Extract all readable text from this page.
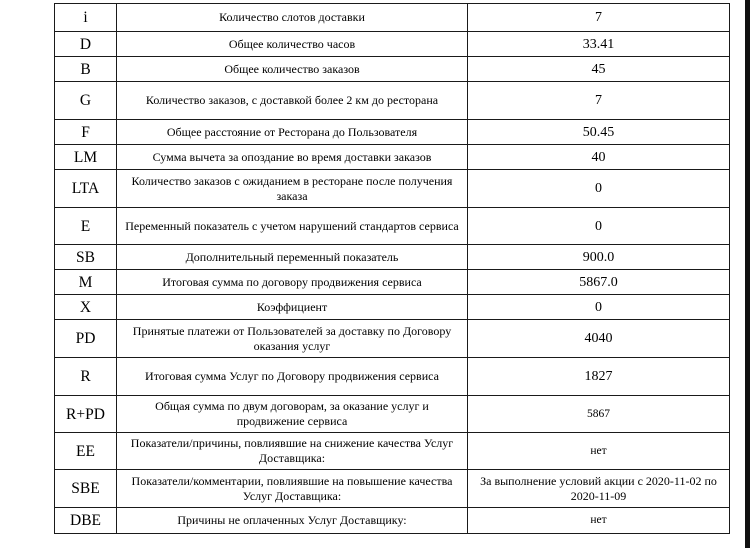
i	Количество слотов доставки	7
D	Общее количество часов	33.41
B	Общее количество заказов	45
G	Количество заказов, с доставкой более 2 км до ресторана	7
F	Общее расстояние от Ресторана до Пользователя	50.45
LM	Сумма вычета за опоздание во время доставки заказов	40
LTA	Количество заказов с ожиданием в ресторане после получения заказа	0
E	Переменный показатель с учетом нарушений стандартов сервиса	0
SB	Дополнительный переменный показатель	900.0
M	Итоговая сумма по договору продвижения сервиса	5867.0
X	Коэффициент	0
PD	Принятые платежи от Пользователей за доставку по Договору оказания услуг	4040
R	Итоговая сумма Услуг по Договору продвижения сервиса	1827
R+PD	Общая сумма по двум договорам, за оказание услуг и продвижение сервиса	5867
EE	Показатели/причины, повлиявшие на снижение качества Услуг Доставщика:	нет
SBE	Показатели/комментарии, повлиявшие на повышение качества Услуг Доставщика:	За выполнение условий акции с 2020-11-02 по 2020-11-09
DBE	Причины не оплаченных Услуг Доставщику:	нет
